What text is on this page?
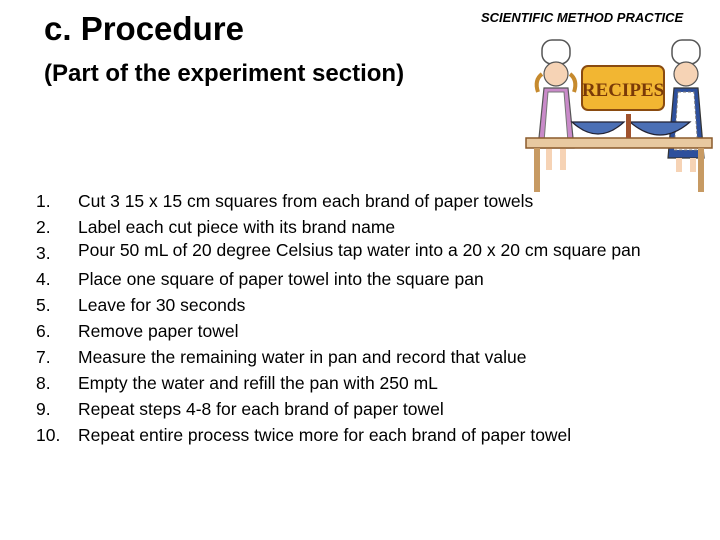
c. Procedure
(Part of the experiment section)
SCIENTIFIC METHOD PRACTICE
RECIPES
1.	Cut 3 15 x 15 cm squares from each brand of paper towels
2.	Label each cut piece with its brand name
3.	Pour 50 mL of 20 degree Celsius tap water into a 20 x 20 cm square pan
4.	Place one square of paper towel into the square pan
5.	Leave for 30 seconds
6.	Remove paper towel
7.	Measure the remaining water in pan and record that value
8.	Empty the water and refill the pan with 250 mL
9.	Repeat steps 4-8 for each brand of paper towel
10.	Repeat entire process twice more for each brand of paper towel
